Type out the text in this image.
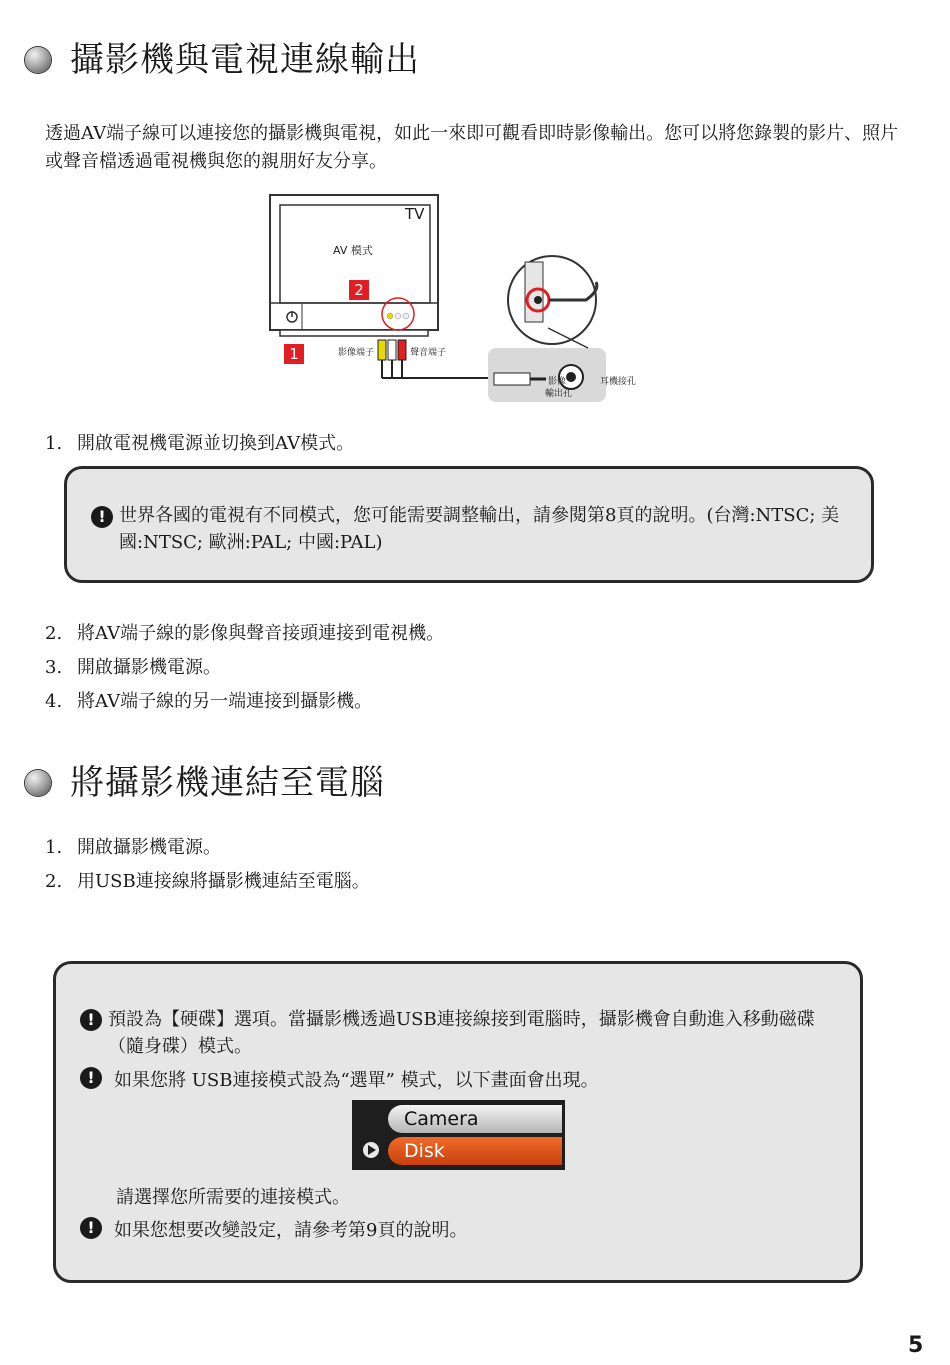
攝影機與電視連線輸出
透過AV端子線可以連接您的攝影機與電視，如此一來即可觀看即時影像輸出。您可以將您錄製的影片、照片或聲音檔透過電視機與您的親朋好友分享。
TV
AV 模式
2
1	影像端子	聲音端子
影像
輸出孔
耳機接孔
1. 開啟電視機電源並切換到AV模式。
! 世界各國的電視有不同模式，您可能需要調整輸出，請參閱第8頁的說明。(台灣:NTSC; 美國:NTSC; 歐洲:PAL; 中國:PAL)
2. 將AV端子線的影像與聲音接頭連接到電視機。
3. 開啟攝影機電源。
4. 將AV端子線的另一端連接到攝影機。
將攝影機連結至電腦
1. 開啟攝影機電源。
2. 用USB連接線將攝影機連結至電腦。
! 預設為【硬碟】選項。當攝影機透過USB連接線接到電腦時，攝影機會自動進入移動磁碟（隨身碟）模式。
!	如果您將 USB連接模式設為“選單” 模式，以下畫面會出現。
Camera
Disk
請選擇您所需要的連接模式。
!	如果您想要改變設定，請參考第9頁的說明。
5
